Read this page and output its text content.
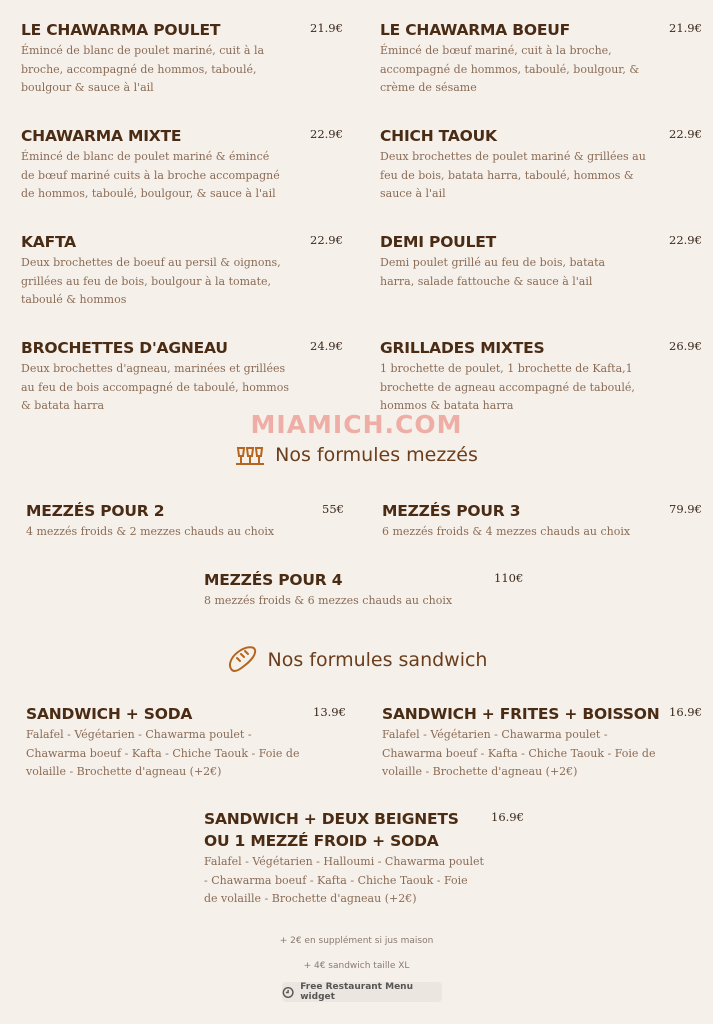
LE CHAWARMA POULET	21.9€
Émincé de blanc de poulet mariné, cuit à la broche, accompagné de hommos, taboulé, boulgour & sauce à l'ail
LE CHAWARMA BOEUF	21.9€
Émincé de bœuf mariné, cuit à la broche, accompagné de hommos, taboulé, boulgour, & crème de sésame
CHAWARMA MIXTE	22.9€
Émincé de blanc de poulet mariné & émincé de bœuf mariné cuits à la broche accompagné de hommos, taboulé, boulgour, & sauce à l'ail
CHICH TAOUK	22.9€
Deux brochettes de poulet mariné & grillées au feu de bois, batata harra, taboulé, hommos & sauce à l'ail
KAFTA	22.9€
Deux brochettes de boeuf au persil & oignons, grillées au feu de bois, boulgour à la tomate, taboulé & hommos
DEMI POULET	22.9€
Demi poulet grillé au feu de bois, batata harra, salade fattouche & sauce à l'ail
BROCHETTES D'AGNEAU	24.9€
Deux brochettes d'agneau, marinées et grillées au feu de bois accompagné de taboulé, hommos & batata harra
GRILLADES MIXTES	26.9€
1 brochette de poulet, 1 brochette de Kafta,1 brochette de agneau accompagné de taboulé, hommos & batata harra
MIAMICH.COM
Nos formules mezzés
MEZZÉS POUR 2	55€
4 mezzés froids & 2 mezzes chauds au choix
MEZZÉS POUR 3	79.9€
6 mezzés froids & 4 mezzes chauds au choix
MEZZÉS POUR 4	110€
8 mezzés froids & 6 mezzes chauds au choix
Nos formules sandwich
SANDWICH + SODA	13.9€
Falafel - Végétarien - Chawarma poulet - Chawarma boeuf - Kafta - Chiche Taouk - Foie de volaille - Brochette d'agneau (+2€)
SANDWICH + FRITES + BOISSON 16.9€
Falafel - Végétarien - Chawarma poulet - Chawarma boeuf - Kafta - Chiche Taouk - Foie de volaille - Brochette d'agneau (+2€)
SANDWICH + DEUX BEIGNETS OU 1 MEZZÉ FROID + SODA
16.9€
Falafel - Végétarien - Halloumi - Chawarma poulet - Chawarma boeuf - Kafta - Chiche Taouk - Foie de volaille - Brochette d'agneau (+2€)
+ 2€ en supplément si jus maison
+ 4€ sandwich taille XL
Free Restaurant Menu widget
